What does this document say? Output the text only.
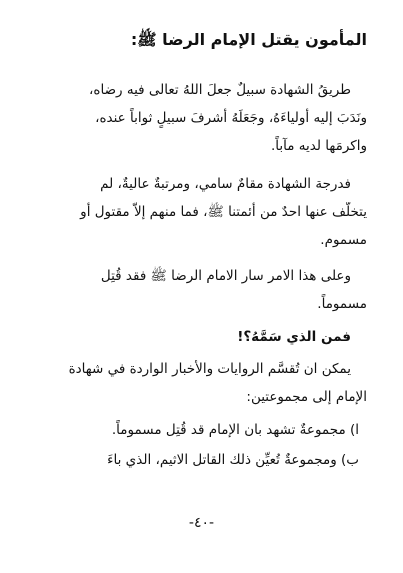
المأمون يقتل الإمام الرضا ﷺ:
طريقُ الشهادة سبيلٌ جعلَ اللهُ تعالى فيه رضاه،
ونَدَبَ إليه أولياءَهُ، وجَعَلَهُ أشرفَ سبيلٍ ثواباً عنده،
واكرمَها لديه مآباً.
فدرجة الشهادة مقامٌ سامي، ومرتبةٌ عاليةٌ، لم
يتخلَّف عنها احدٌ من أئمتنا ﷺ، فما منهم إلاّ مقتول أو
مسموم.
وعلى هذا الامر سار الامام الرضا ﷺ فقد قُتِل
مسموماً.
فمن الذي سَمَّهُ؟!
يمكن ان تُقسَّم الروايات والأخبار الواردة في شهادة
الإمام إلى مجموعتين:
ا) مجموعةٌ تشهد بان الإمام قد قُتِل مسموماً.
ب) ومجموعةٌ تُعيِّن ذلك القاتل الاثيم، الذي باءَ
-٤٠-
